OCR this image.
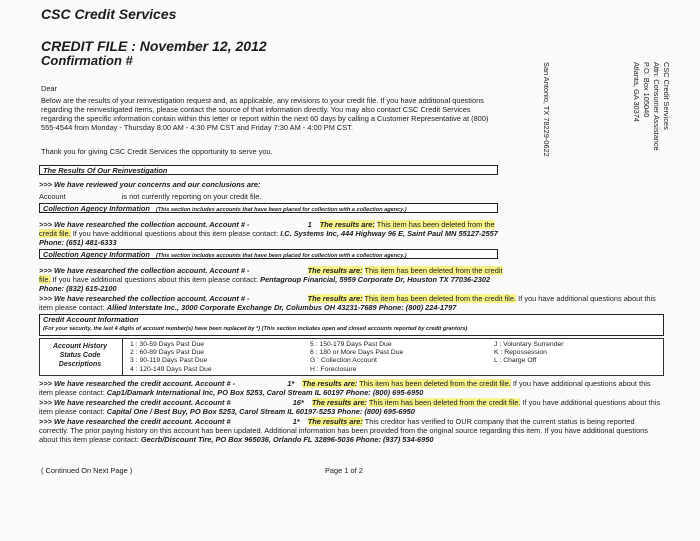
CSC Credit Services
CREDIT FILE : November 12, 2012
Confirmation #
Dear
Below are the results of your reinvestigation request and, as applicable, any revisions to your credit file. If you have additional questions regarding the reinvestigated items, please contact the source of that information directly. You may also contact CSC Credit Services regarding the specific information contain within this letter or report within the next 60 days by calling a Customer Representative at (800) 555-4544 from Monday - Thursday 8:00 AM - 4:30 PM CST and Friday 7:30 AM - 4:00 PM CST.
Thank you for giving CSC Credit Services the opportunity to serve you.
The Results Of Our Reinvestigation
>>> We have reviewed your concerns and our conclusions are:
Account	is not currently reporting on your credit file.
Collection Agency Information (This section includes accounts that have been placed for collection with a collection agency.)
>>> We have researched the collection account. Account # -	1 The results are: This item has been deleted from the credit file. If you have additional questions about this item please contact: I.C. Systems Inc, 444 Highway 96 E, Saint Paul MN 55127-2557 Phone: (651) 481-6333
Collection Agency Information (This section includes accounts that have been placed for collection with a collection agency.)
>>> We have researched the collection account. Account # -	The results are: This item has been deleted from the credit file. If you have additional questions about this item please contact: Pentagroup Financial, 5959 Corporate Dr, Houston TX 77036-2302 Phone: (832) 615-2100
>>> We have researched the collection account. Account # -	The results are: This item has been deleted from the credit file. If you have additional questions about this item please contact: Allied Interstate Inc., 3000 Corporate Exchange Dr, Columbus OH 43231-7689 Phone: (800) 224-1797
Credit Account Information
(For your security, the last 4 digits of account number(s) have been replaced by *) (This section includes open and closed accounts reported by credit grantors)
Account History Status Code Descriptions
1 : 30-59 Days Past Due
2 : 60-89 Days Past Due
3 : 90-119 Days Past Due
4 : 120-149 Days Past Due
5 : 150-179 Days Past Due
6 : 180 or More Days Past Due
G : Collection Account
H : Foreclosure
J : Voluntary Surrender
K : Repossession
L : Charge Off
>>> We have researched the credit account. Account # -	1* The results are: This item has been deleted from the credit file. If you have additional questions about this item please contact: Cap1/Damark International Inc, PO Box 5253, Carol Stream IL 60197 Phone: (800) 695-6950
>>> We have researched the credit account. Account #	16* The results are: This item has been deleted from the credit file. If you have additional questions about this item please contact: Capital One / Best Buy, PO Box 5253, Carol Stream IL 60197-5253 Phone: (800) 695-6950
>>> We have researched the credit account. Account #	1* The results are: This creditor has verified to OUR company that the current status is being reported correctly. The prior paying history on this account has been updated. Additional information has been provided from the original source regarding this item. If you have additional questions about this item please contact: Gecrb/Discount Tire, PO Box 965036, Orlando FL 32896-5036 Phone: (937) 534-6950
San Antonio, TX 78229-0622	Atlanta, GA 30374 P.O. Box 105040 Attn: Consumer Assistance CSC Credit Services
( Continued On Next Page )	Page 1 of 2
